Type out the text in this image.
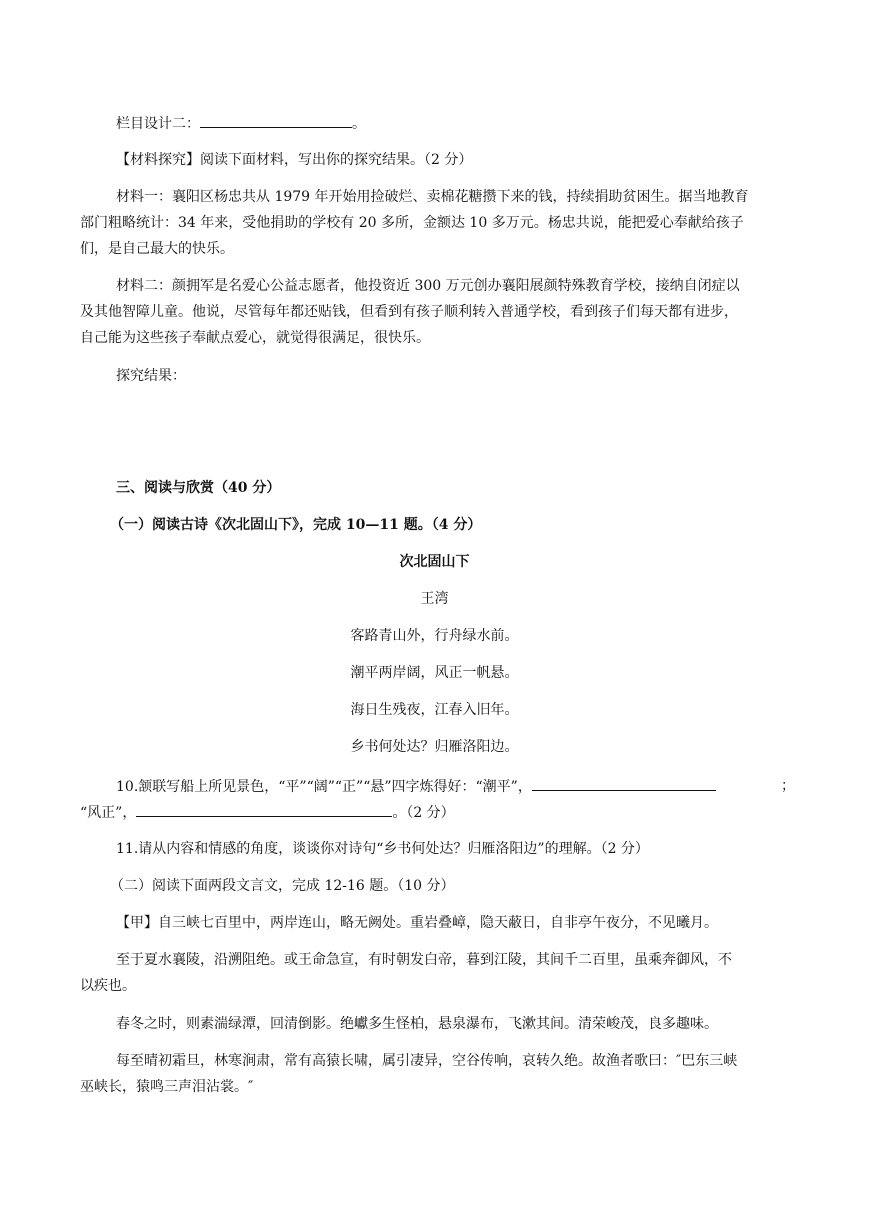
栏目设计二：	。
【材料探究】阅读下面材料，写出你的探究结果。（2 分）
材料一：襄阳区杨忠共从 1979 年开始用捡破烂、卖棉花糖攒下来的钱，持续捐助贫困生。据当地教育
部门粗略统计：34 年来，受他捐助的学校有 20 多所，金额达 10 多万元。杨忠共说，能把爱心奉献给孩子
们，是自己最大的快乐。
材料二：颜拥军是名爱心公益志愿者，他投资近 300 万元创办襄阳展颜特殊教育学校，接纳自闭症以
及其他智障儿童。他说，尽管每年都还贴钱，但看到有孩子顺利转入普通学校，看到孩子们每天都有进步，
自己能为这些孩子奉献点爱心，就觉得很满足，很快乐。
探究结果：
三、阅读与欣赏（40 分）
（一）阅读古诗《次北固山下》，完成 10—11 题。（4 分）
次北固山下
王湾
客路青山外，行舟绿水前。
潮平两岸阔，风正一帆悬。
海日生残夜，江春入旧年。
乡书何处达？归雁洛阳边。
10.颔联写船上所见景色，“平”“阔”“正”“悬”四字炼得好：“潮平”，	；
“风正”，	。（2 分）
11.请从内容和情感的角度，谈谈你对诗句“乡书何处达？归雁洛阳边”的理解。（2 分）
（二）阅读下面两段文言文，完成 12-16 题。（10 分）
【甲】自三峡七百里中，两岸连山，略无阙处。重岩叠嶂，隐天蔽日，自非亭午夜分，不见曦月。
至于夏水襄陵，沿溯阻绝。或王命急宣，有时朝发白帝，暮到江陵，其间千二百里，虽乘奔御风，不
以疾也。
春冬之时，则素湍绿潭，回清倒影。绝巘多生怪柏，悬泉瀑布，飞漱其间。清荣峻茂，良多趣味。
每至晴初霜旦，林寒涧肃，常有高猿长啸，属引凄异，空谷传响，哀转久绝。故渔者歌曰：″巴东三峡
巫峡长，猿鸣三声泪沾裳。″
